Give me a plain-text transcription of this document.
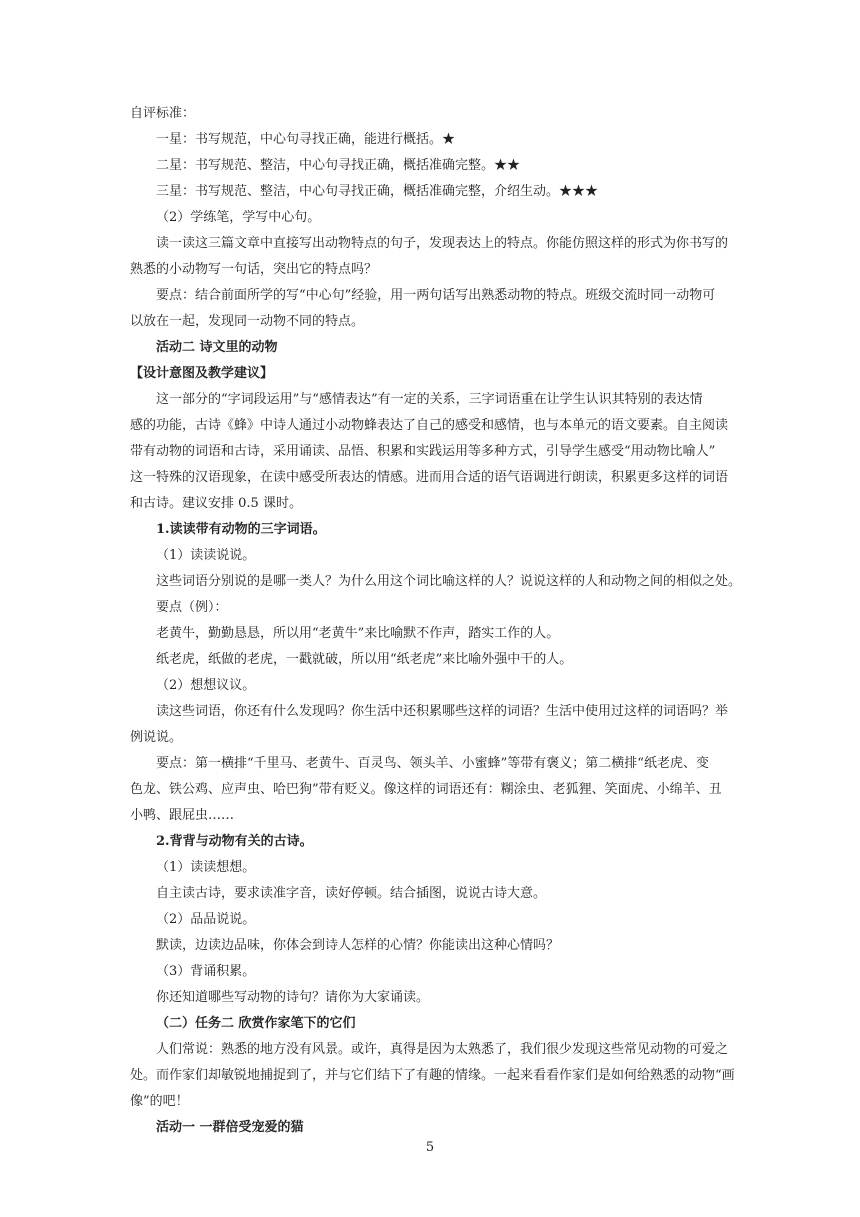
自评标准：
一星：书写规范，中心句寻找正确，能进行概括。★
二星：书写规范、整洁，中心句寻找正确，概括准确完整。★★
三星：书写规范、整洁，中心句寻找正确，概括准确完整，介绍生动。★★★
（2）学练笔，学写中心句。
读一读这三篇文章中直接写出动物特点的句子，发现表达上的特点。你能仿照这样的形式为你书写的
熟悉的小动物写一句话，突出它的特点吗？
要点：结合前面所学的写“中心句”经验，用一两句话写出熟悉动物的特点。班级交流时同一动物可
以放在一起，发现同一动物不同的特点。
活动二 诗文里的动物
【设计意图及教学建议】
这一部分的“字词段运用”与“感情表达”有一定的关系，三字词语重在让学生认识其特别的表达情
感的功能，古诗《蜂》中诗人通过小动物蜂表达了自己的感受和感情，也与本单元的语文要素。自主阅读
带有动物的词语和古诗，采用诵读、品悟、积累和实践运用等多种方式，引导学生感受“用动物比喻人”
这一特殊的汉语现象，在读中感受所表达的情感。进而用合适的语气语调进行朗读，积累更多这样的词语
和古诗。建议安排 0.5 课时。
1.读读带有动物的三字词语。
（1）读读说说。
这些词语分别说的是哪一类人？为什么用这个词比喻这样的人？说说这样的人和动物之间的相似之处。
要点（例）：
老黄牛，勤勤恳恳，所以用“老黄牛”来比喻默不作声，踏实工作的人。
纸老虎，纸做的老虎，一戳就破，所以用“纸老虎”来比喻外强中干的人。
（2）想想议议。
读这些词语，你还有什么发现吗？你生活中还积累哪些这样的词语？生活中使用过这样的词语吗？举
例说说。
要点：第一横排“千里马、老黄牛、百灵鸟、领头羊、小蜜蜂”等带有褒义；第二横排“纸老虎、变
色龙、铁公鸡、应声虫、哈巴狗”带有贬义。像这样的词语还有：糊涂虫、老狐狸、笑面虎、小绵羊、丑
小鸭、跟屁虫……
2.背背与动物有关的古诗。
（1）读读想想。
自主读古诗，要求读准字音，读好停顿。结合插图，说说古诗大意。
（2）品品说说。
默读，边读边品味，你体会到诗人怎样的心情？你能读出这种心情吗？
（3）背诵积累。
你还知道哪些写动物的诗句？请你为大家诵读。
（二）任务二 欣赏作家笔下的它们
人们常说：熟悉的地方没有风景。或许，真得是因为太熟悉了，我们很少发现这些常见动物的可爱之
处。而作家们却敏锐地捕捉到了，并与它们结下了有趣的情缘。一起来看看作家们是如何给熟悉的动物“画
像”的吧！
活动一 一群倍受宠爱的猫
5
